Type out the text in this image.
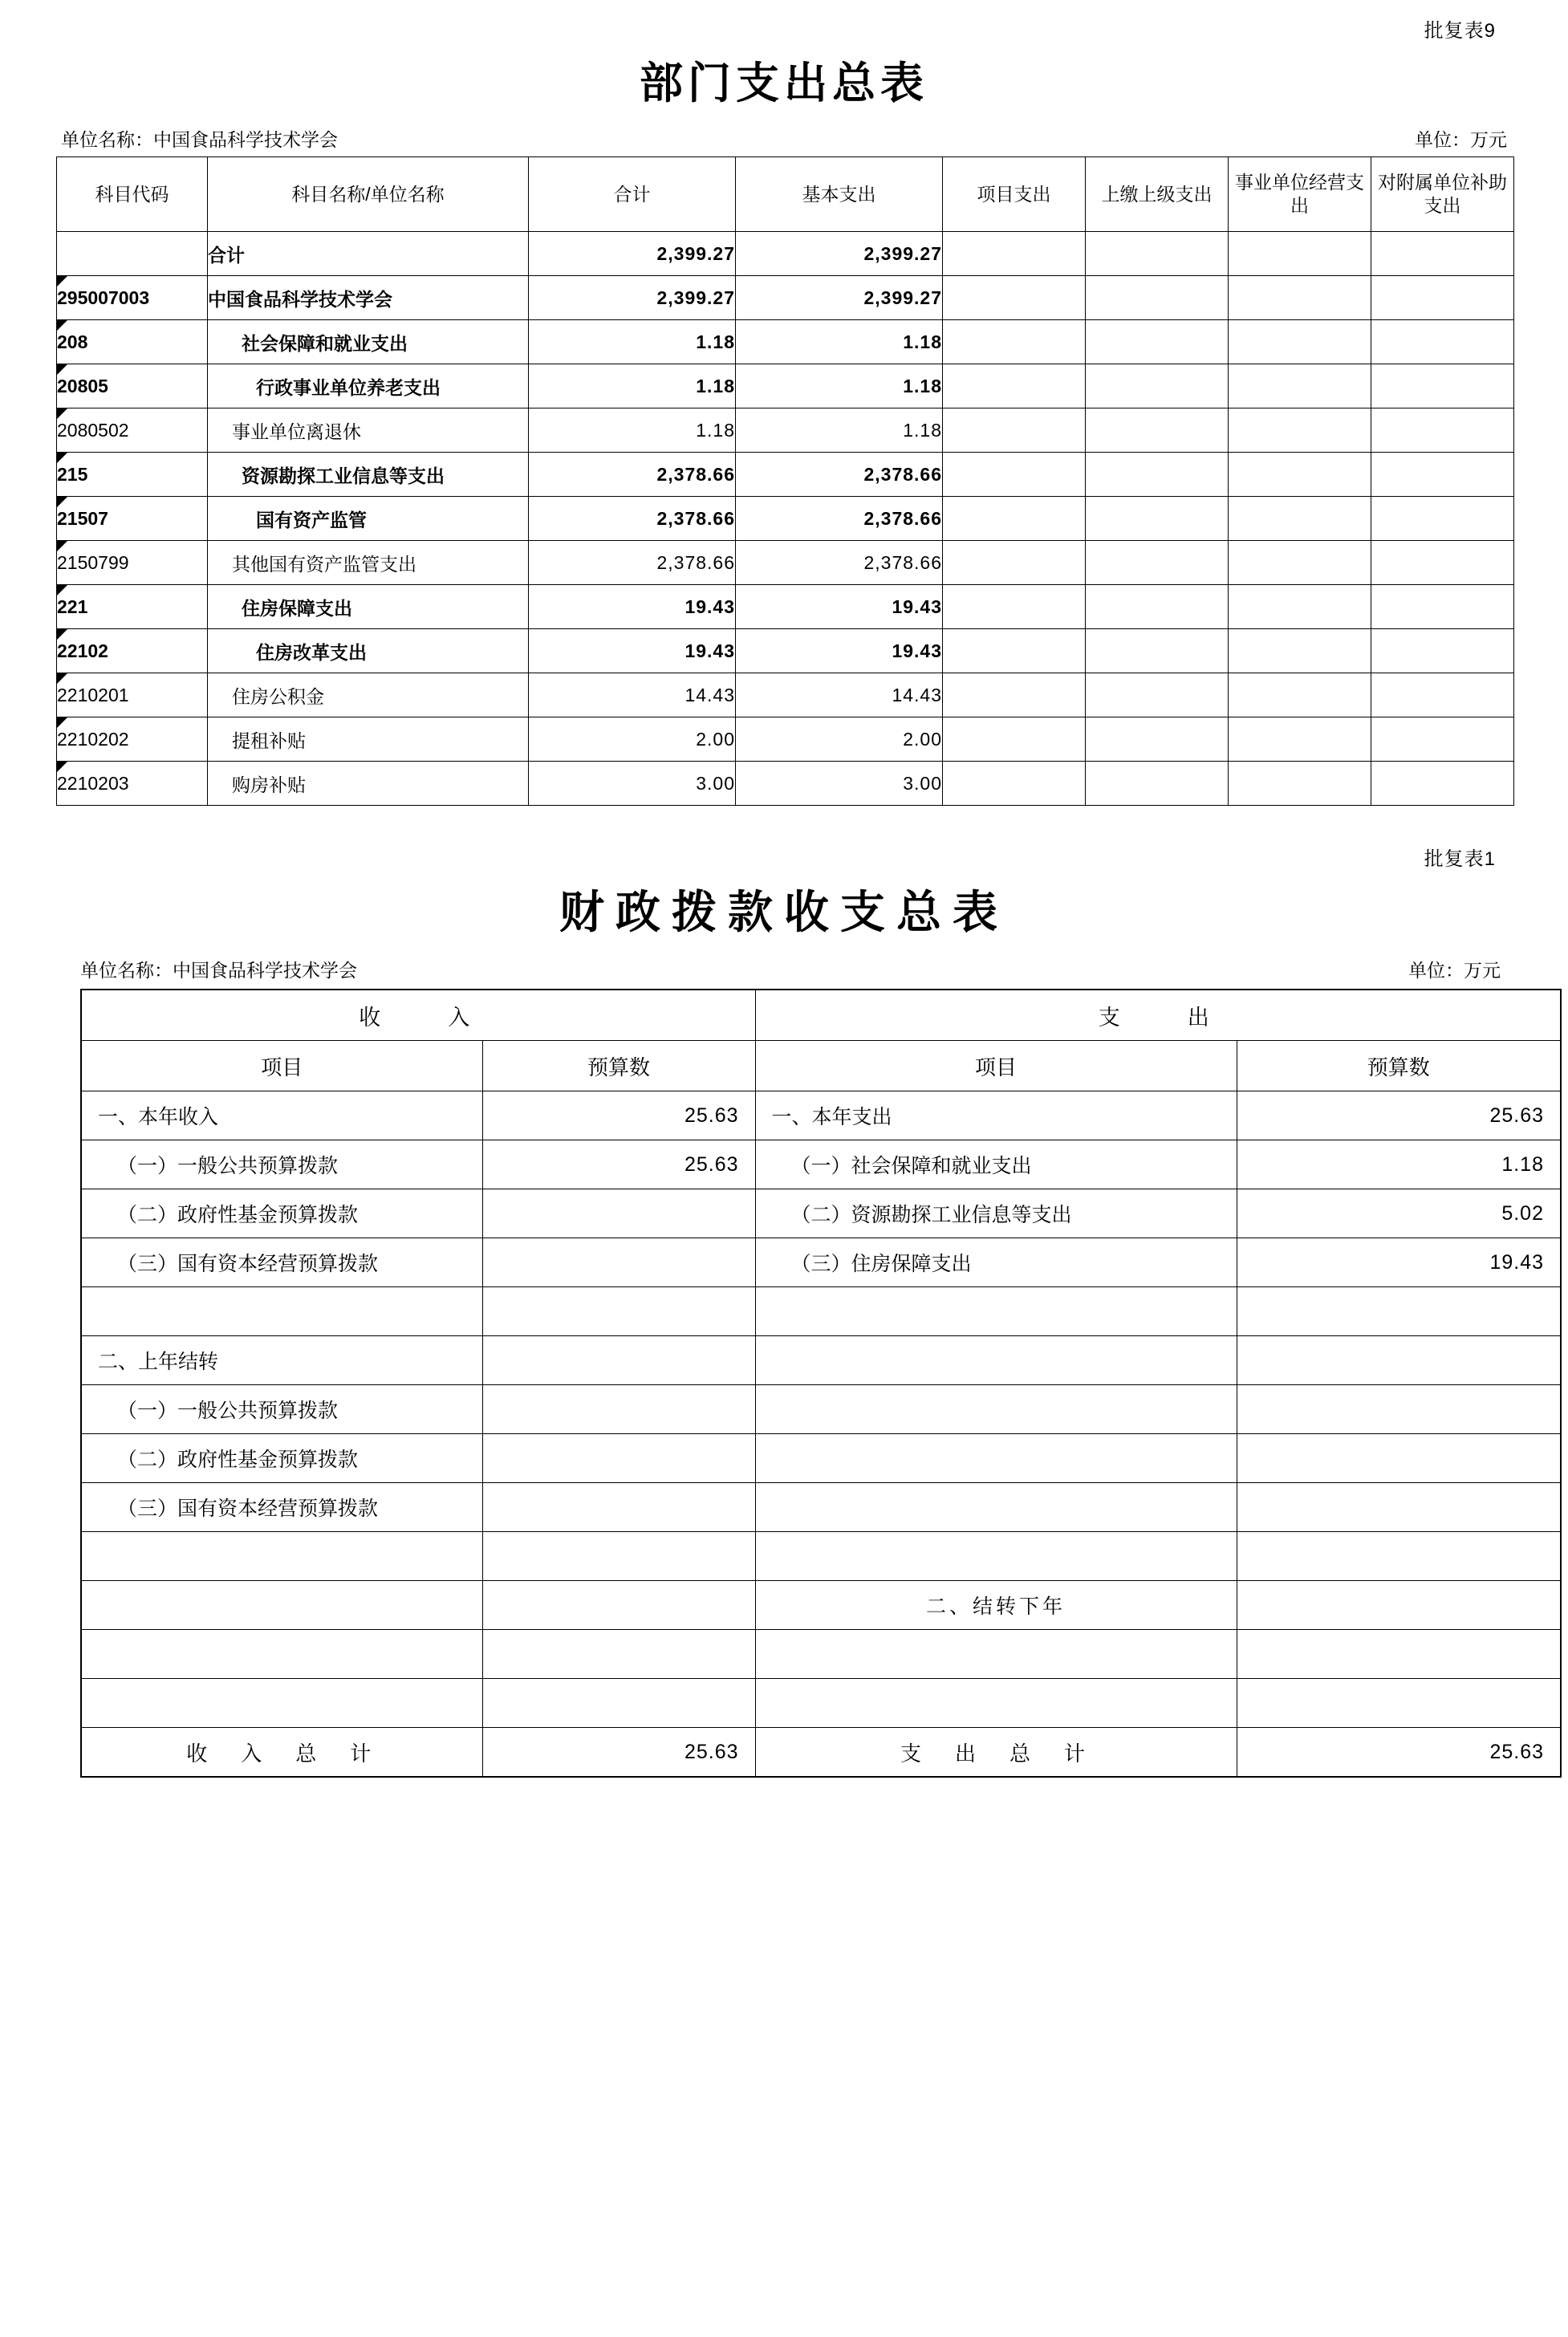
批复表9
部门支出总表
单位名称：中国食品科学技术学会	单位：万元
科目代码	科目名称/单位名称	合计	基本支出	项目支出	上缴上级支出	事业单位经营支出	对附属单位补助支出
	合计	2,399.27	2,399.27				
295007003	中国食品科学技术学会	2,399.27	2,399.27				
208	社会保障和就业支出	1.18	1.18				
20805	行政事业单位养老支出	1.18	1.18				
2080502	事业单位离退休	1.18	1.18				
215	资源勘探工业信息等支出	2,378.66	2,378.66				
21507	国有资产监管	2,378.66	2,378.66				
2150799	其他国有资产监管支出	2,378.66	2,378.66				
221	住房保障支出	19.43	19.43				
22102	住房改革支出	19.43	19.43				
2210201	住房公积金	14.43	14.43				
2210202	提租补贴	2.00	2.00				
2210203	购房补贴	3.00	3.00				
批复表1
财政拨款收支总表
单位名称：中国食品科学技术学会	单位：万元
收　　入		支　　出	
项目	预算数	项目	预算数
一、本年收入	25.63	一、本年支出	25.63
（一）一般公共预算拨款	25.63	（一）社会保障和就业支出	1.18
（二）政府性基金预算拨款		（二）资源勘探工业信息等支出	5.02
（三）国有资本经营预算拨款		（三）住房保障支出	19.43

二、上年结转			
（一）一般公共预算拨款			
（二）政府性基金预算拨款			
（三）国有资本经营预算拨款			

		二、结转下年	

收　入　总　计	25.63	支　出　总　计	25.63
